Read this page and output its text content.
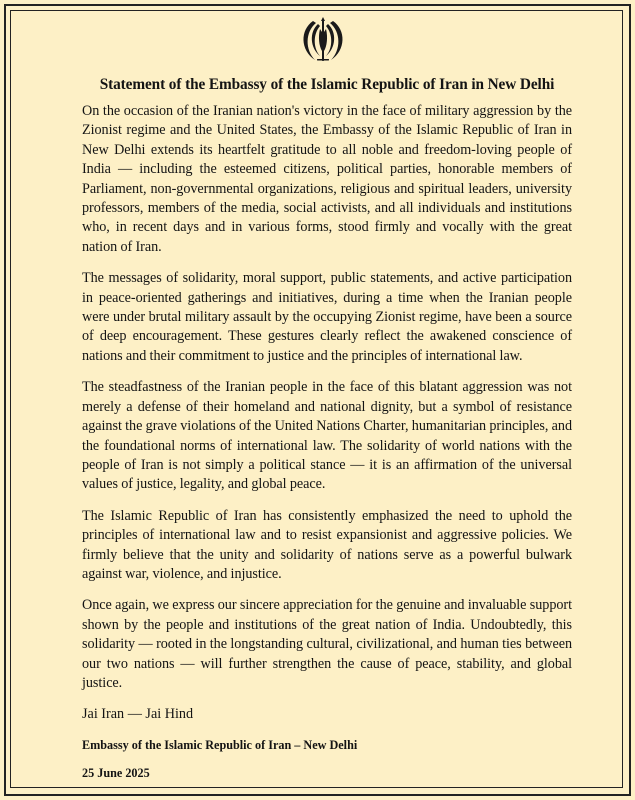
Statement of the Embassy of the Islamic Republic of Iran in New Delhi

On the occasion of the Iranian nation's victory in the face of military aggression by the Zionist regime and the United States, the Embassy of the Islamic Republic of Iran in New Delhi extends its heartfelt gratitude to all noble and freedom-loving people of India — including the esteemed citizens, political parties, honorable members of Parliament, non-governmental organizations, religious and spiritual leaders, university professors, members of the media, social activists, and all individuals and institutions who, in recent days and in various forms, stood firmly and vocally with the great nation of Iran.

The messages of solidarity, moral support, public statements, and active participation in peace-oriented gatherings and initiatives, during a time when the Iranian people were under brutal military assault by the occupying Zionist regime, have been a source of deep encouragement. These gestures clearly reflect the awakened conscience of nations and their commitment to justice and the principles of international law.

The steadfastness of the Iranian people in the face of this blatant aggression was not merely a defense of their homeland and national dignity, but a symbol of resistance against the grave violations of the United Nations Charter, humanitarian principles, and the foundational norms of international law. The solidarity of world nations with the people of Iran is not simply a political stance — it is an affirmation of the universal values of justice, legality, and global peace.

The Islamic Republic of Iran has consistently emphasized the need to uphold the principles of international law and to resist expansionist and aggressive policies. We firmly believe that the unity and solidarity of nations serve as a powerful bulwark against war, violence, and injustice.

Once again, we express our sincere appreciation for the genuine and invaluable support shown by the people and institutions of the great nation of India. Undoubtedly, this solidarity — rooted in the longstanding cultural, civilizational, and human ties between our two nations — will further strengthen the cause of peace, stability, and global justice.

Jai Iran — Jai Hind

Embassy of the Islamic Republic of Iran – New Delhi

25 June 2025
